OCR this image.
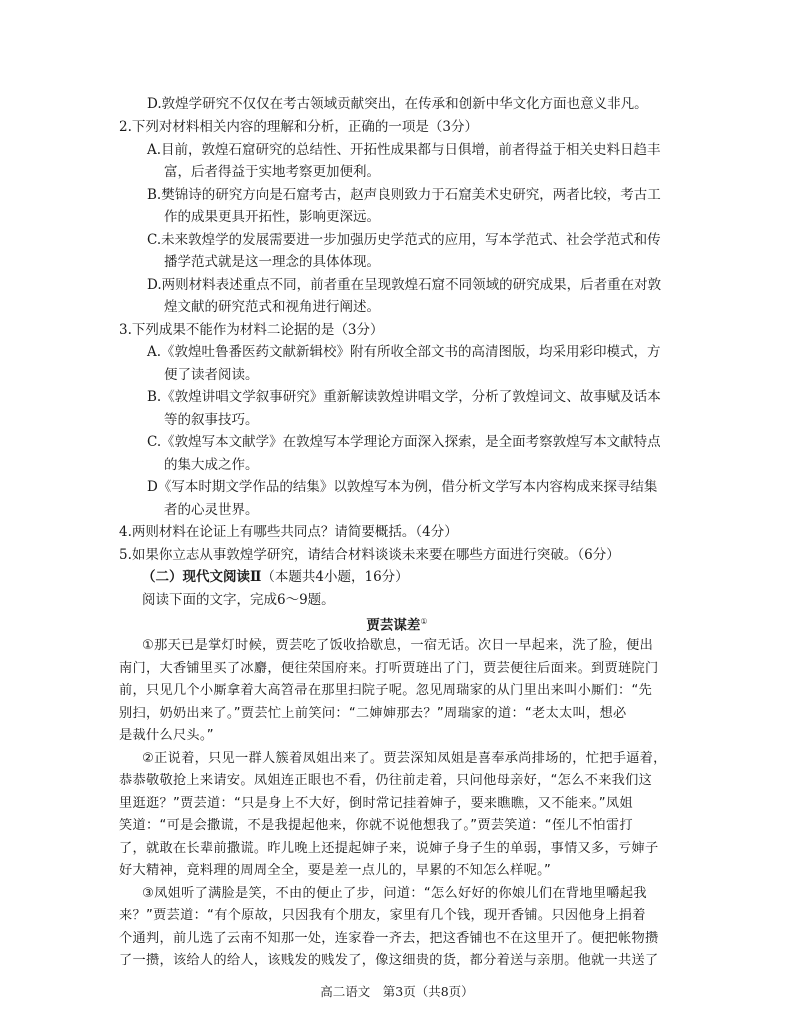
D.敦煌学研究不仅仅在考古领域贡献突出，在传承和创新中华文化方面也意义非凡。
2.下列对材料相关内容的理解和分析，正确的一项是（3分）
A.目前，敦煌石窟研究的总结性、开拓性成果都与日俱增，前者得益于相关史料日趋丰
富，后者得益于实地考察更加便利。
B.樊锦诗的研究方向是石窟考古，赵声良则致力于石窟美术史研究，两者比较，考古工
作的成果更具开拓性，影响更深远。
C.未来敦煌学的发展需要进一步加强历史学范式的应用，写本学范式、社会学范式和传
播学范式就是这一理念的具体体现。
D.两则材料表述重点不同，前者重在呈现敦煌石窟不同领域的研究成果，后者重在对敦
煌文献的研究范式和视角进行阐述。
3.下列成果不能作为材料二论据的是（3分）
A.《敦煌吐鲁番医药文献新辑校》附有所收全部文书的高清图版，均采用彩印模式，方
便了读者阅读。
B.《敦煌讲唱文学叙事研究》重新解读敦煌讲唱文学，分析了敦煌词文、故事赋及话本
等的叙事技巧。
C.《敦煌写本文献学》在敦煌写本学理论方面深入探索，是全面考察敦煌写本文献特点
的集大成之作。
D《写本时期文学作品的结集》以敦煌写本为例，借分析文学写本内容构成来探寻结集
者的心灵世界。
4.两则材料在论证上有哪些共同点？请简要概括。（4分）
5.如果你立志从事敦煌学研究，请结合材料谈谈未来要在哪些方面进行突破。（6分）
（二）现代文阅读Ⅱ（本题共4小题，16分）
阅读下面的文字，完成6～9题。
贾芸谋差①
①那天已是掌灯时候，贾芸吃了饭收拾歇息，一宿无话。次日一早起来，洗了脸，便出
南门，大香铺里买了冰麝，便往荣国府来。打听贾琏出了门，贾芸便往后面来。到贾琏院门
前，只见几个小厮拿着大高笤帚在那里扫院子呢。忽见周瑞家的从门里出来叫小厮们：“先
别扫，奶奶出来了。”贾芸忙上前笑问：“二婶婶那去？”周瑞家的道：“老太太叫，想必
是裁什么尺头。”
②正说着，只见一群人簇着凤姐出来了。贾芸深知凤姐是喜奉承尚排场的，忙把手逼着，
恭恭敬敬抢上来请安。凤姐连正眼也不看，仍往前走着，只问他母亲好，“怎么不来我们这
里逛逛？”贾芸道：“只是身上不大好，倒时常记挂着婶子，要来瞧瞧，又不能来。”凤姐
笑道：“可是会撒谎，不是我提起他来，你就不说他想我了。”贾芸笑道：“侄儿不怕雷打
了，就敢在长辈前撒谎。昨儿晚上还提起婶子来，说婶子身子生的单弱，事情又多，亏婶子
好大精神，竟料理的周周全全，要是差一点儿的，早累的不知怎么样呢。”
③凤姐听了满脸是笑，不由的便止了步，问道：“怎么好好的你娘儿们在背地里嚼起我
来？”贾芸道：“有个原故，只因我有个朋友，家里有几个钱，现开香铺。只因他身上捐着
个通判，前儿选了云南不知那一处，连家眷一齐去，把这香铺也不在这里开了。便把帐物攒
了一攒，该给人的给人，该贱发的贱发了，像这细贵的货，都分着送与亲朋。他就一共送了
高二语文　第3页（共8页）
